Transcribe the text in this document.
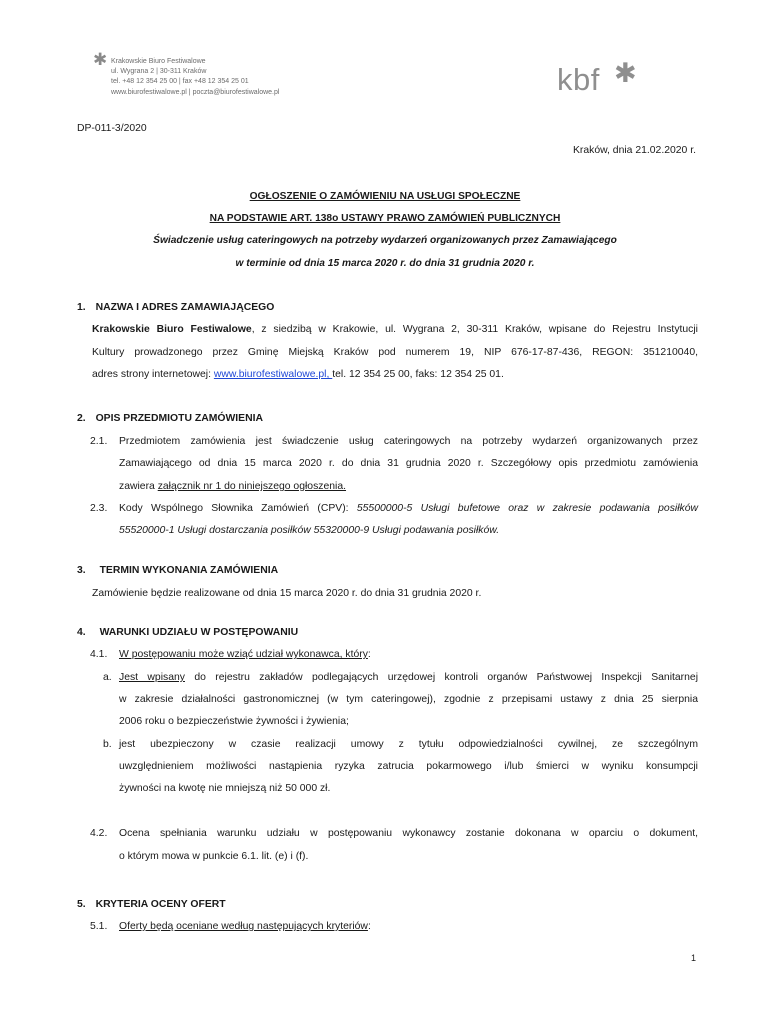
✱ Krakowskie Biuro Festiwalowe
ul. Wygrana 2 | 30-311 Kraków
tel. +48 12 354 25 00 | fax +48 12 354 25 01
www.biurofestiwalowe.pl | poczta@biurofestiwalowe.pl	kbf ✱
DP-011-3/2020
Kraków, dnia 21.02.2020 r.
OGŁOSZENIE O ZAMÓWIENIU NA USŁUGI SPOŁECZNE
NA PODSTAWIE ART. 138o USTAWY PRAWO ZAMÓWIEŃ PUBLICZNYCH
Świadczenie usług cateringowych na potrzeby wydarzeń organizowanych przez Zamawiającego
w terminie od dnia 15 marca 2020 r. do dnia 31 grudnia 2020 r.
1. NAZWA I ADRES ZAMAWIAJĄCEGO
Krakowskie Biuro Festiwalowe, z siedzibą w Krakowie, ul. Wygrana 2, 30-311 Kraków, wpisane do Rejestru Instytucji
Kultury prowadzonego przez Gminę Miejską Kraków pod numerem 19, NIP 676-17-87-436, REGON: 351210040,
adres strony internetowej: www.biurofestiwalowe.pl, tel. 12 354 25 00, faks: 12 354 25 01.
2. OPIS PRZEDMIOTU ZAMÓWIENIA
2.1. Przedmiotem zamówienia jest świadczenie usług cateringowych na potrzeby wydarzeń organizowanych przez
Zamawiającego od dnia 15 marca 2020 r. do dnia 31 grudnia 2020 r. Szczegółowy opis przedmiotu zamówienia
zawiera załącznik nr 1 do niniejszego ogłoszenia.
2.3. Kody Wspólnego Słownika Zamówień (CPV): 55500000-5 Usługi bufetowe oraz w zakresie podawania posiłków
55520000-1 Usługi dostarczania posiłków 55320000-9 Usługi podawania posiłków.
3. TERMIN WYKONANIA ZAMÓWIENIA
Zamówienie będzie realizowane od dnia 15 marca 2020 r. do dnia 31 grudnia 2020 r.
4. WARUNKI UDZIAŁU W POSTĘPOWANIU
4.1. W postępowaniu może wziąć udział wykonawca, który:
a. Jest wpisany do rejestru zakładów podlegających urzędowej kontroli organów Państwowej Inspekcji Sanitarnej
w zakresie działalności gastronomicznej (w tym cateringowej), zgodnie z przepisami ustawy z dnia 25 sierpnia
2006 roku o bezpieczeństwie żywności i żywienia;
b. jest ubezpieczony w czasie realizacji umowy z tytułu odpowiedzialności cywilnej, ze szczególnym
uwzględnieniem możliwości nastąpienia ryzyka zatrucia pokarmowego i/lub śmierci w wyniku konsumpcji
żywności na kwotę nie mniejszą niż 50 000 zł.
4.2. Ocena spełniania warunku udziału w postępowaniu wykonawcy zostanie dokonana w oparciu o dokument,
o którym mowa w punkcie 6.1. lit. (e) i (f).
5. KRYTERIA OCENY OFERT
5.1. Oferty będą oceniane według następujących kryteriów:
1
